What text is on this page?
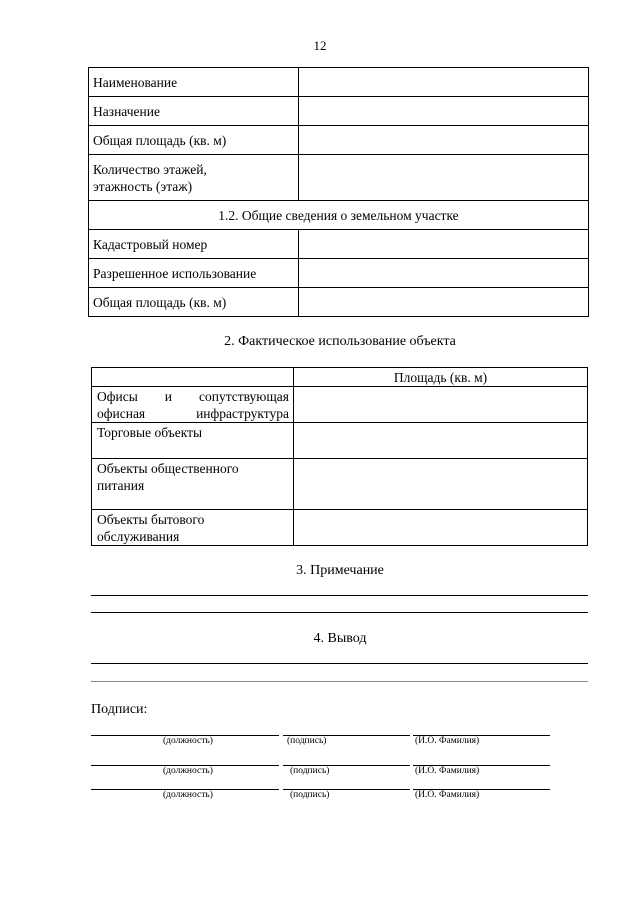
12
Наименование	
Назначение	
Общая площадь (кв. м)	

Количество этажей,
этажность (этаж)	

1.2. Общие сведения о земельном участке	
Кадастровый номер	
Разрешенное использование	
Общая площадь (кв. м)	
2. Фактическое использование объекта
	Площадь (кв. м)

Офисы и сопутствующая
офисная инфраструктура	

Торговые объекты	

Объекты общественного
питания	

Объекты бытового
обслуживания	

3. Примечание
4. Вывод
Подписи:
(должность)	(подпись)	(И.О. Фамилия)
(должность)	(подпись)	(И.О. Фамилия)
(должность)	(подпись)	(И.О. Фамилия)
